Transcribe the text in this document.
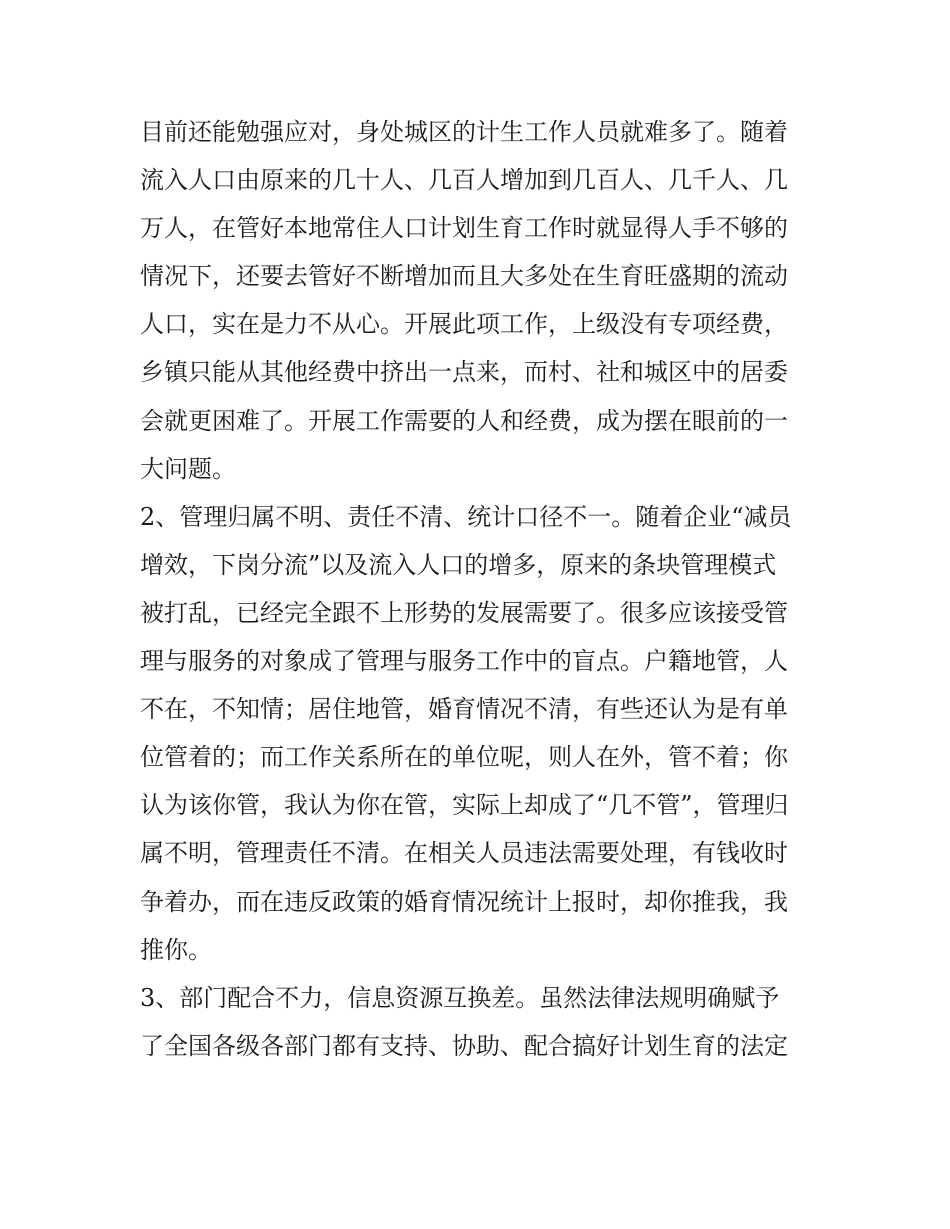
目前还能勉强应对，身处城区的计生工作人员就难多了。随着
流入人口由原来的几十人、几百人增加到几百人、几千人、几
万人，在管好本地常住人口计划生育工作时就显得人手不够的
情况下，还要去管好不断增加而且大多处在生育旺盛期的流动
人口，实在是力不从心。开展此项工作，上级没有专项经费，
乡镇只能从其他经费中挤出一点来，而村、社和城区中的居委
会就更困难了。开展工作需要的人和经费，成为摆在眼前的一
大问题。
2、管理归属不明、责任不清、统计口径不一。随着企业“减员
增效，下岗分流”以及流入人口的增多，原来的条块管理模式
被打乱，已经完全跟不上形势的发展需要了。很多应该接受管
理与服务的对象成了管理与服务工作中的盲点。户籍地管，人
不在，不知情；居住地管，婚育情况不清，有些还认为是有单
位管着的；而工作关系所在的单位呢，则人在外，管不着；你
认为该你管，我认为你在管，实际上却成了“几不管”，管理归
属不明，管理责任不清。在相关人员违法需要处理，有钱收时
争着办，而在违反政策的婚育情况统计上报时，却你推我，我
推你。
3、部门配合不力，信息资源互换差。虽然法律法规明确赋予
了全国各级各部门都有支持、协助、配合搞好计划生育的法定
